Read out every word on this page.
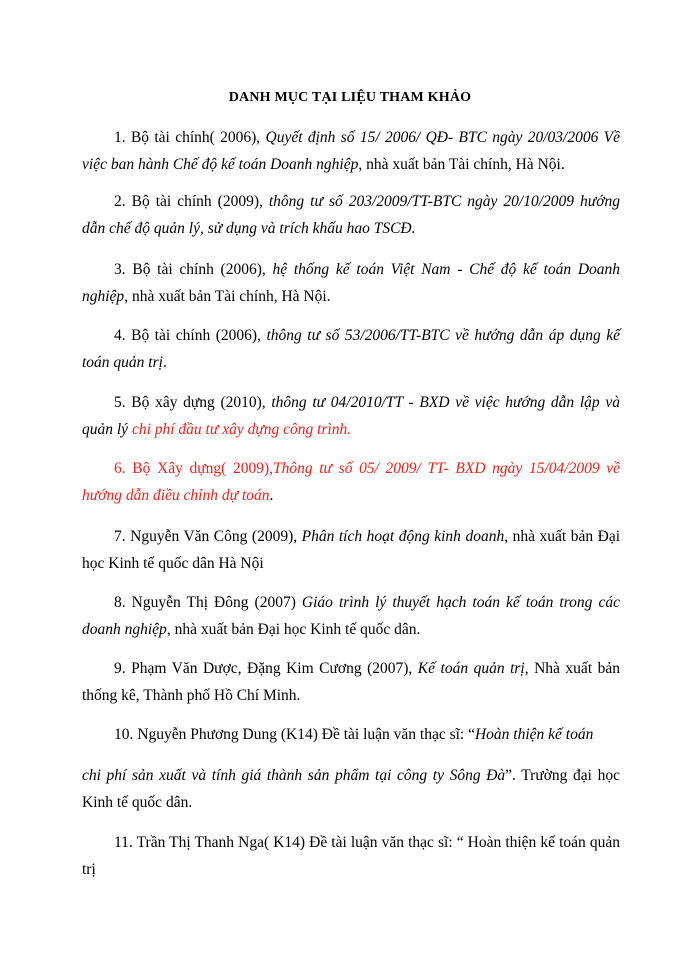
DANH MỤC TẠI LIỆU THAM KHẢO
1. Bộ tài chính( 2006), Quyết định số 15/ 2006/ QĐ- BTC ngày 20/03/2006 Về việc ban hành Chế độ kế toán Doanh nghiệp, nhà xuất bản Tài chính, Hà Nội.
2. Bộ tài chính (2009), thông tư số 203/2009/TT-BTC ngày 20/10/2009 hướng dẫn chế độ quản lý, sử dụng và trích khấu hao TSCĐ.
3. Bộ tài chính (2006), hệ thống kế toán Việt Nam - Chế độ kế toán Doanh nghiệp, nhà xuất bản Tài chính, Hà Nội.
4. Bộ tài chính (2006), thông tư số 53/2006/TT-BTC về hướng dẫn áp dụng kế toán quản trị.
5. Bộ xây dựng (2010), thông tư 04/2010/TT - BXD về việc hướng dẫn lập và quản lý chi phí đầu tư xây dựng công trình.
6. Bộ Xây dựng( 2009),Thông tư số 05/ 2009/ TT- BXD ngày 15/04/2009 về hướng dẫn điều chỉnh dự toán.
7. Nguyễn Văn Công (2009), Phân tích hoạt động kinh doanh, nhà xuất bản Đại học Kinh tế quốc dân Hà Nội
8. Nguyễn Thị Đông (2007) Giáo trình lý thuyết hạch toán kế toán trong các doanh nghiệp, nhà xuất bản Đại học Kinh tế quốc dân.
9. Phạm Văn Dược, Đặng Kim Cương (2007), Kế toán quản trị, Nhà xuất bản thống kê, Thành phố Hồ Chí Minh.
10. Nguyễn Phương Dung (K14) Đề tài luận văn thạc sĩ: “Hoàn thiện kế toán
chi phí sản xuất và tính giá thành sản phẩm tại công ty Sông Đà”. Trường đại học Kinh tế quốc dân.
11. Trần Thị Thanh Nga( K14) Đề tài luận văn thạc sĩ: “ Hoàn thiện kế toán quản trị
